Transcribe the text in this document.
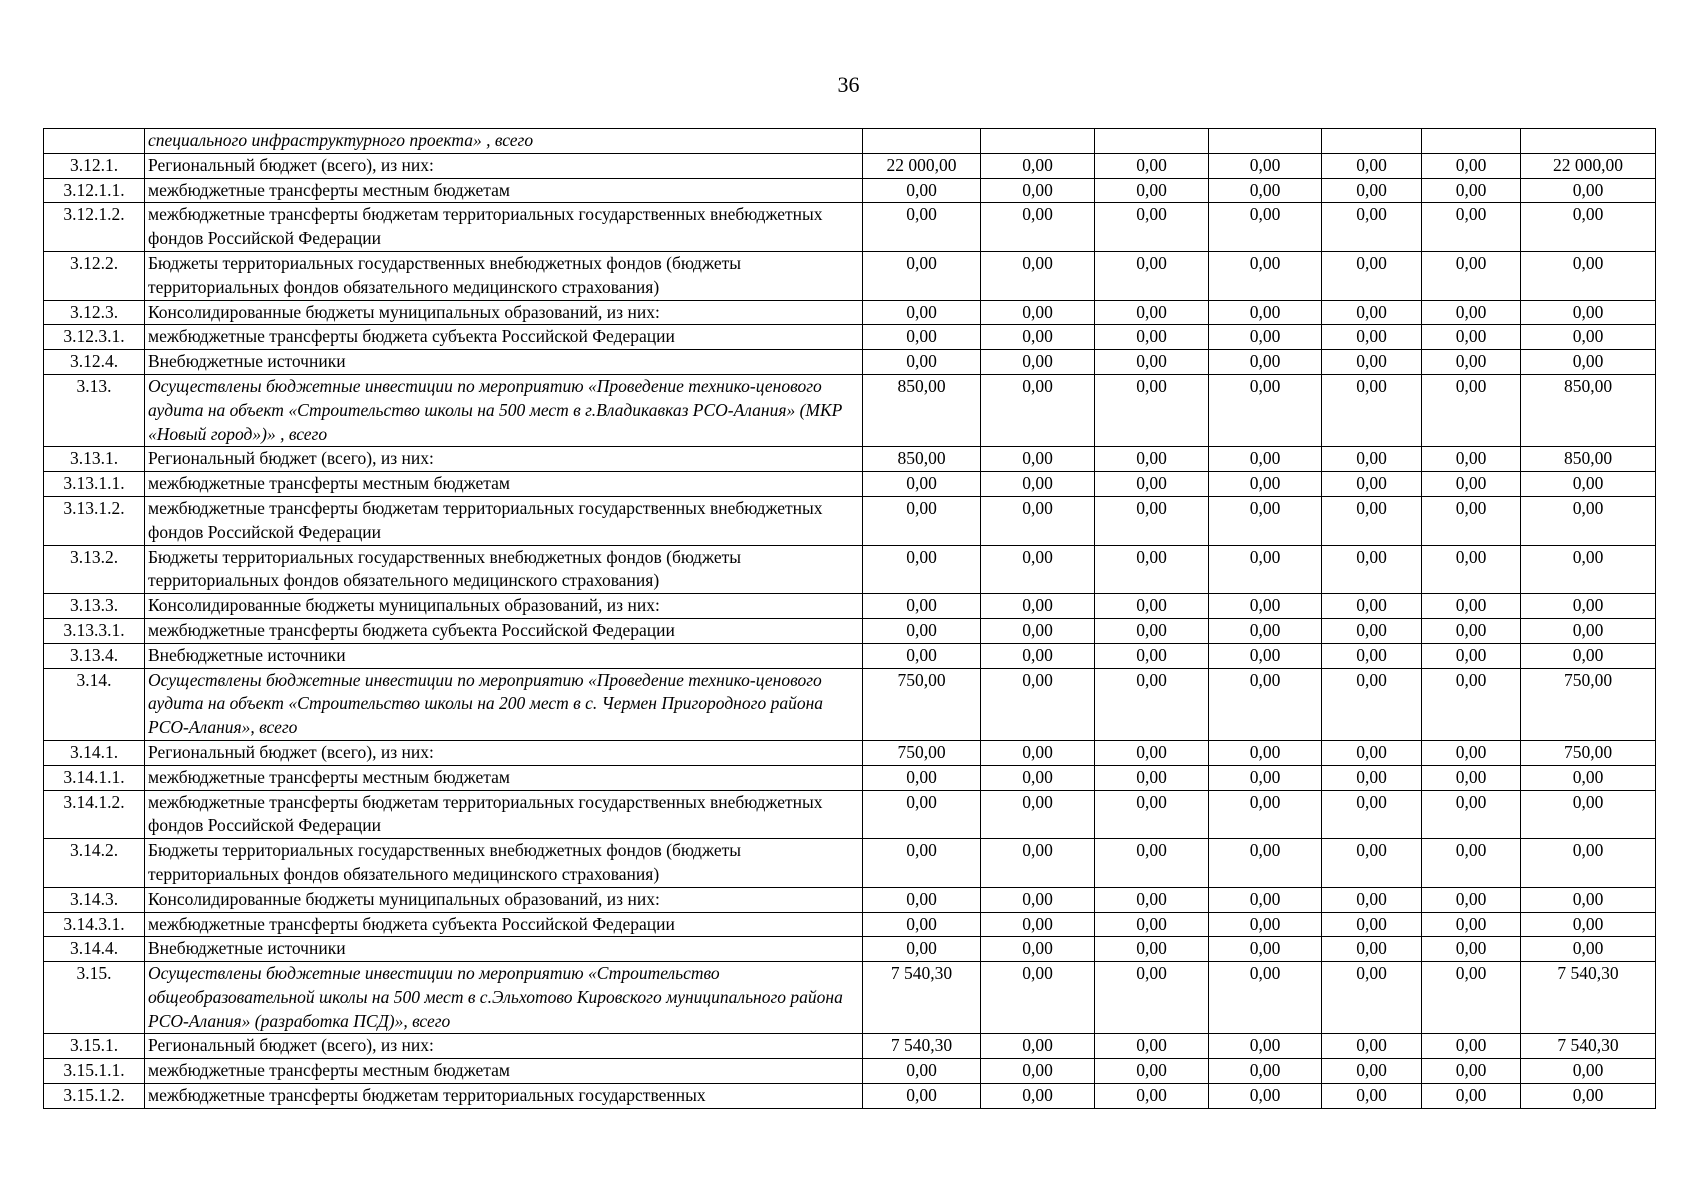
36
	специального инфраструктурного проекта» , всего							
3.12.1.	Региональный бюджет (всего), из них:	22 000,00	0,00	0,00	0,00	0,00	0,00	22 000,00
3.12.1.1.	межбюджетные трансферты местным бюджетам	0,00	0,00	0,00	0,00	0,00	0,00	0,00
3.12.1.2.	межбюджетные трансферты бюджетам территориальных государственных внебюджетных фондов Российской Федерации	0,00	0,00	0,00	0,00	0,00	0,00	0,00
3.12.2.	Бюджеты территориальных государственных внебюджетных фондов (бюджеты территориальных фондов обязательного медицинского страхования)	0,00	0,00	0,00	0,00	0,00	0,00	0,00
3.12.3.	Консолидированные бюджеты муниципальных образований, из них:	0,00	0,00	0,00	0,00	0,00	0,00	0,00
3.12.3.1.	межбюджетные трансферты бюджета субъекта Российской Федерации	0,00	0,00	0,00	0,00	0,00	0,00	0,00
3.12.4.	Внебюджетные источники	0,00	0,00	0,00	0,00	0,00	0,00	0,00
3.13.	Осуществлены бюджетные инвестиции по мероприятию «Проведение технико-ценового аудита на объект «Строительство школы на 500 мест в г.Владикавказ РСО-Алания» (МКР «Новый город»)» , всего	850,00	0,00	0,00	0,00	0,00	0,00	850,00
3.13.1.	Региональный бюджет (всего), из них:	850,00	0,00	0,00	0,00	0,00	0,00	850,00
3.13.1.1.	межбюджетные трансферты местным бюджетам	0,00	0,00	0,00	0,00	0,00	0,00	0,00
3.13.1.2.	межбюджетные трансферты бюджетам территориальных государственных внебюджетных фондов Российской Федерации	0,00	0,00	0,00	0,00	0,00	0,00	0,00
3.13.2.	Бюджеты территориальных государственных внебюджетных фондов (бюджеты территориальных фондов обязательного медицинского страхования)	0,00	0,00	0,00	0,00	0,00	0,00	0,00
3.13.3.	Консолидированные бюджеты муниципальных образований, из них:	0,00	0,00	0,00	0,00	0,00	0,00	0,00
3.13.3.1.	межбюджетные трансферты бюджета субъекта Российской Федерации	0,00	0,00	0,00	0,00	0,00	0,00	0,00
3.13.4.	Внебюджетные источники	0,00	0,00	0,00	0,00	0,00	0,00	0,00
3.14.	Осуществлены бюджетные инвестиции по мероприятию «Проведение технико-ценового аудита на объект «Строительство школы на 200 мест в с. Чермен Пригородного района РСО-Алания», всего	750,00	0,00	0,00	0,00	0,00	0,00	750,00
3.14.1.	Региональный бюджет (всего), из них:	750,00	0,00	0,00	0,00	0,00	0,00	750,00
3.14.1.1.	межбюджетные трансферты местным бюджетам	0,00	0,00	0,00	0,00	0,00	0,00	0,00
3.14.1.2.	межбюджетные трансферты бюджетам территориальных государственных внебюджетных фондов Российской Федерации	0,00	0,00	0,00	0,00	0,00	0,00	0,00
3.14.2.	Бюджеты территориальных государственных внебюджетных фондов (бюджеты территориальных фондов обязательного медицинского страхования)	0,00	0,00	0,00	0,00	0,00	0,00	0,00
3.14.3.	Консолидированные бюджеты муниципальных образований, из них:	0,00	0,00	0,00	0,00	0,00	0,00	0,00
3.14.3.1.	межбюджетные трансферты бюджета субъекта Российской Федерации	0,00	0,00	0,00	0,00	0,00	0,00	0,00
3.14.4.	Внебюджетные источники	0,00	0,00	0,00	0,00	0,00	0,00	0,00
3.15.	Осуществлены бюджетные инвестиции по мероприятию «Строительство общеобразовательной школы на 500 мест в с.Эльхотово Кировского муниципального района РСО-Алания» (разработка ПСД)», всего	7 540,30	0,00	0,00	0,00	0,00	0,00	7 540,30
3.15.1.	Региональный бюджет (всего), из них:	7 540,30	0,00	0,00	0,00	0,00	0,00	7 540,30
3.15.1.1.	межбюджетные трансферты местным бюджетам	0,00	0,00	0,00	0,00	0,00	0,00	0,00
3.15.1.2.	межбюджетные трансферты бюджетам территориальных государственных	0,00	0,00	0,00	0,00	0,00	0,00	0,00
